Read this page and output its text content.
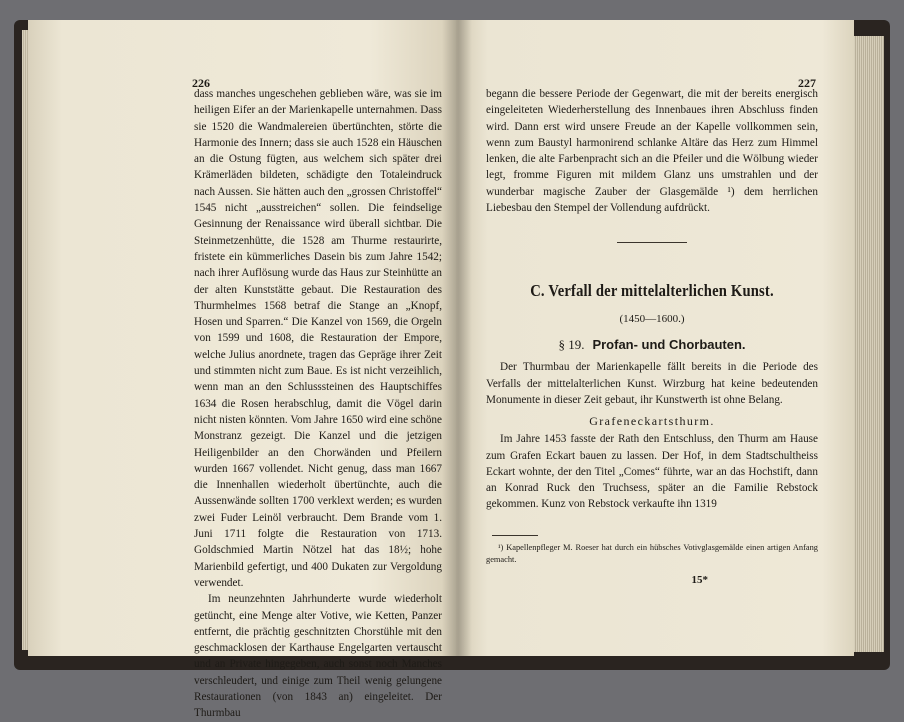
226

dass manches ungeschehen geblieben wäre, was sie im heiligen Eifer an der Marienkapelle unternahmen. Dass sie 1520 die Wandmalereien übertünchten, störte die Harmonie des Innern; dass sie auch 1528 ein Häuschen an die Ostung fügten, aus welchem sich später drei Krämerläden bildeten, schädigte den Totaleindruck nach Aussen. Sie hätten auch den „grossen Christoffel“ 1545 nicht „ausstreichen“ sollen. Die feindselige Gesinnung der Renaissance wird überall sichtbar. Die Steinmetzenhütte, die 1528 am Thurme restaurirte, fristete ein kümmerliches Dasein bis zum Jahre 1542; nach ihrer Auflösung wurde das Haus zur Steinhütte an der alten Kunststätte gebaut. Die Restauration des Thurmhelmes 1568 betraf die Stange an „Knopf, Hosen und Sparren.“ Die Kanzel von 1569, die Orgeln von 1599 und 1608, die Restauration der Empore, welche Julius anordnete, tragen das Gepräge ihrer Zeit und stimmten nicht zum Baue. Es ist nicht verzeihlich, wenn man an den Schlusssteinen des Hauptschiffes 1634 die Rosen herabschlug, damit die Vögel darin nicht nisten könnten. Vom Jahre 1650 wird eine schöne Monstranz gezeigt. Die Kanzel und die jetzigen Heiligenbilder an den Chorwänden und Pfeilern wurden 1667 vollendet. Nicht genug, dass man 1667 die Innenhallen wiederholt übertünchte, auch die Aussenwände sollten 1700 verklext werden; es wurden zwei Fuder Leinöl verbraucht. Dem Brande vom 1. Juni 1711 folgte die Restauration von 1713. Goldschmied Martin Nötzel hat das 18½; hohe Marienbild gefertigt, und 400 Dukaten zur Vergoldung verwendet.

Im neunzehnten Jahrhunderte wurde wiederholt getüncht, eine Menge alter Votive, wie Ketten, Panzer entfernt, die prächtig geschnitzten Chorstühle mit den geschmacklosen der Karthause Engelgarten vertauscht und an Private hingegeben, auch sonst noch Manches verschleudert, und einige zum Theil wenig gelungene Restaurationen (von 1843 an) eingeleitet. Der Thurmbau

227

begann die bessere Periode der Gegenwart, die mit der bereits energisch eingeleiteten Wiederherstellung des Innenbaues ihren Abschluss finden wird. Dann erst wird unsere Freude an der Kapelle vollkommen sein, wenn zum Baustyl harmonirend schlanke Altäre das Herz zum Himmel lenken, die alte Farbenpracht sich an die Pfeiler und die Wölbung wieder legt, fromme Figuren mit mildem Glanz uns umstrahlen und der wunderbar magische Zauber der Glasgemälde ¹) dem herrlichen Liebesbau den Stempel der Vollendung aufdrückt.

C. Verfall der mittelalterlichen Kunst.
(1450—1600.)
§ 19. Profan- und Chorbauten.

Der Thurmbau der Marienkapelle fällt bereits in die Periode des Verfalls der mittelalterlichen Kunst. Wirzburg hat keine bedeutenden Monumente in dieser Zeit gebaut, ihr Kunstwerth ist ohne Belang.

Grafeneckartsthurm.

Im Jahre 1453 fasste der Rath den Entschluss, den Thurm am Hause zum Grafen Eckart bauen zu lassen. Der Hof, in dem Stadtschultheiss Eckart wohnte, der den Titel „Comes“ führte, war an das Hochstift, dann an Konrad Ruck den Truchsess, später an die Familie Rebstock gekommen. Kunz von Rebstock verkaufte ihn 1319

¹) Kapellenpfleger M. Roeser hat durch ein hübsches Votivglasgemälde einen artigen Anfang gemacht.
15*
